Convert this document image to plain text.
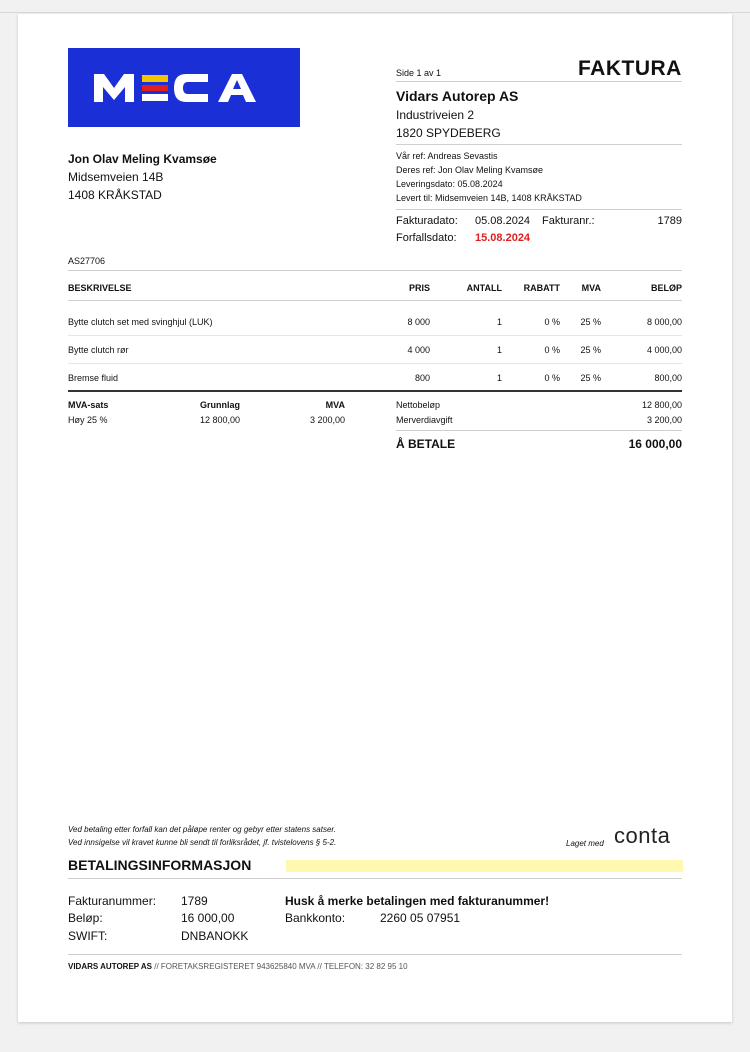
Side 1 av 1	FAKTURA
Vidars Autorep AS
Industriveien 2
1820 SPYDEBERG
Vår ref: Andreas Sevastis
Deres ref: Jon Olav Meling Kvamsøe
Leveringsdato: 05.08.2024
Levert til: Midsemveien 14B, 1408 KRÅKSTAD
Fakturadato: 05.08.2024 Fakturanr.:	1789
Forfallsdato: 15.08.2024
Jon Olav Meling Kvamsøe
Midsemveien 14B
1408 KRÅKSTAD
AS27706
BESKRIVELSE	PRIS	ANTALL	RABATT	MVA	BELØP
Bytte clutch set med svinghjul (LUK)	8 000	1	0 %	25 %	8 000,00
Bytte clutch rør	4 000	1	0 %	25 %	4 000,00
Bremse fluid	800	1	0 %	25 %	800,00
MVA-sats	Grunnlag	MVA
Høy 25 %	12 800,00	3 200,00
Nettobeløp	12 800,00
Merverdiavgift	3 200,00
Å BETALE	16 000,00
Ved betaling etter forfall kan det påløpe renter og gebyr etter statens satser.
Ved innsigelse vil kravet kunne bli sendt til forliksrådet, jf. tvistelovens § 5-2.	Laget med conta
BETALINGSINFORMASJON
Fakturanummer: 1789
Beløp:	16 000,00
SWIFT:	DNBANOKK
Husk å merke betalingen med fakturanummer!
Bankkonto:	2260 05 07951
VIDARS AUTOREP AS // FORETAKSREGISTERET 943625840 MVA // TELEFON: 32 82 95 10
